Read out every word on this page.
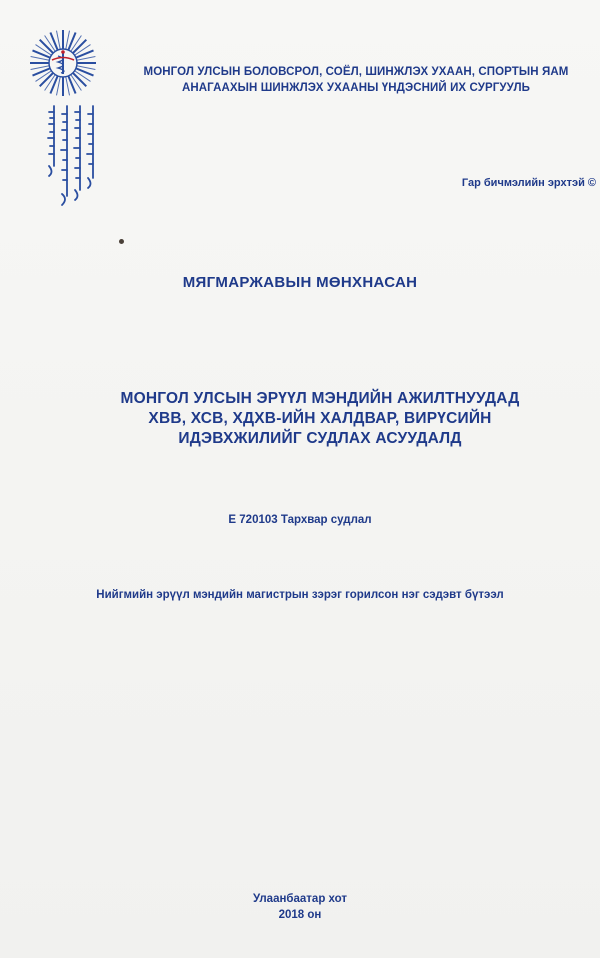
МОНГОЛ УЛСЫН БОЛОВСРОЛ, СОЁЛ, ШИНЖЛЭХ УХААН, СПОРТЫН ЯАМ
АНАГААХЫН ШИНЖЛЭХ УХААНЫ ҮНДЭСНИЙ ИХ СУРГУУЛЬ
Гар бичмэлийн эрхтэй ©
МЯГМАРЖАВЫН МӨНХНАСАН
МОНГОЛ УЛСЫН ЭРҮҮЛ МЭНДИЙН АЖИЛТНУУДАД
ХВВ, ХСВ, ХДХВ-ИЙН ХАЛДВАР, ВИРҮСИЙН
ИДЭВХЖИЛИЙГ СУДЛАХ АСУУДАЛД
Е 720103 Тархвар судлал
Нийгмийн эрүүл мэндийн магистрын зэрэг горилсон нэг сэдэвт бүтээл
Улаанбаатар хот
2018 он
